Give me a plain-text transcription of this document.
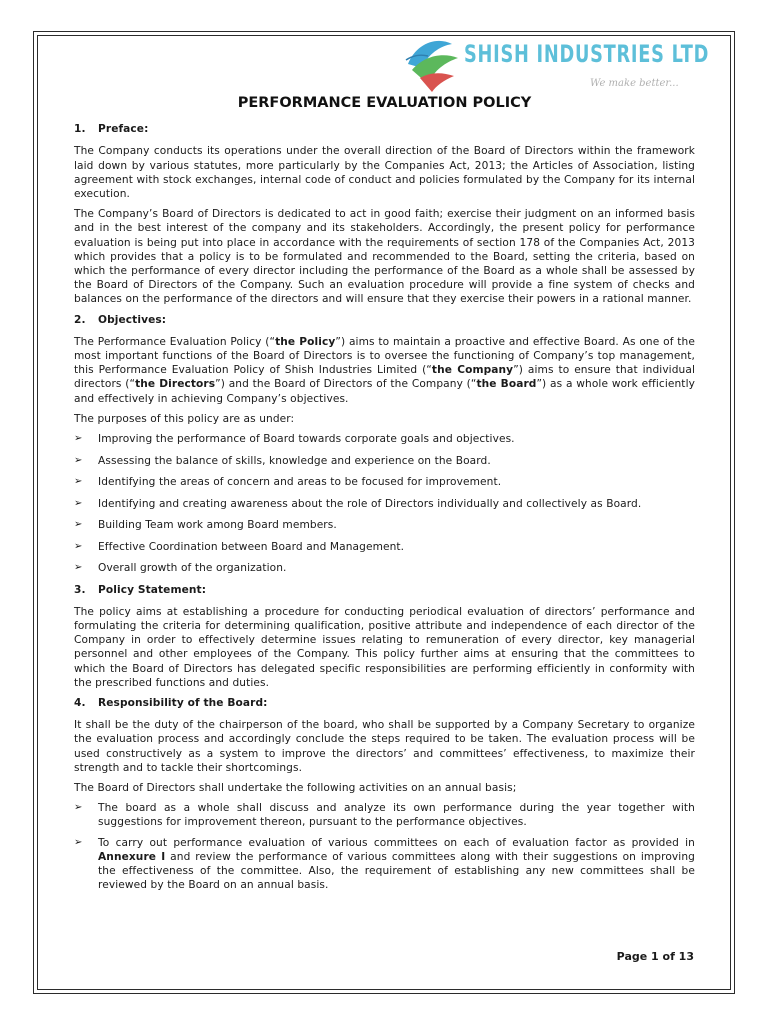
SHISH INDUSTRIES LTD
We make better...
PERFORMANCE EVALUATION POLICY
1. Preface:

The Company conducts its operations under the overall direction of the Board of Directors within the framework laid down by various statutes, more particularly by the Companies Act, 2013; the Articles of Association, listing agreement with stock exchanges, internal code of conduct and policies formulated by the Company for its internal execution.

The Company’s Board of Directors is dedicated to act in good faith; exercise their judgment on an informed basis and in the best interest of the company and its stakeholders. Accordingly, the present policy for performance evaluation is being put into place in accordance with the requirements of section 178 of the Companies Act, 2013 which provides that a policy is to be formulated and recommended to the Board, setting the criteria, based on which the performance of every director including the performance of the Board as a whole shall be assessed by the Board of Directors of the Company. Such an evaluation procedure will provide a fine system of checks and balances on the performance of the directors and will ensure that they exercise their powers in a rational manner.

2. Objectives:

The Performance Evaluation Policy (“the Policy”) aims to maintain a proactive and effective Board. As one of the most important functions of the Board of Directors is to oversee the functioning of Company’s top management, this Performance Evaluation Policy of Shish Industries Limited (“the Company”) aims to ensure that individual directors (“the Directors”) and the Board of Directors of the Company (“the Board”) as a whole work efficiently and effectively in achieving Company’s objectives.

The purposes of this policy are as under:

➢ Improving the performance of Board towards corporate goals and objectives.
➢ Assessing the balance of skills, knowledge and experience on the Board.
➢ Identifying the areas of concern and areas to be focused for improvement.
➢ Identifying and creating awareness about the role of Directors individually and collectively as Board.
➢ Building Team work among Board members.
➢ Effective Coordination between Board and Management.
➢ Overall growth of the organization.
3. Policy Statement:

The policy aims at establishing a procedure for conducting periodical evaluation of directors’ performance and formulating the criteria for determining qualification, positive attribute and independence of each director of the Company in order to effectively determine issues relating to remuneration of every director, key managerial personnel and other employees of the Company. This policy further aims at ensuring that the committees to which the Board of Directors has delegated specific responsibilities are performing efficiently in conformity with the prescribed functions and duties.

4. Responsibility of the Board:

It shall be the duty of the chairperson of the board, who shall be supported by a Company Secretary to organize the evaluation process and accordingly conclude the steps required to be taken. The evaluation process will be used constructively as a system to improve the directors’ and committees’ effectiveness, to maximize their strength and to tackle their shortcomings.

The Board of Directors shall undertake the following activities on an annual basis;

➢ The board as a whole shall discuss and analyze its own performance during the year together with suggestions for improvement thereon, pursuant to the performance objectives.
➢ To carry out performance evaluation of various committees on each of evaluation factor as provided in Annexure I and review the performance of various committees along with their suggestions on improving the effectiveness of the committee. Also, the requirement of establishing any new committees shall be reviewed by the Board on an annual basis.
Page 1 of 13
